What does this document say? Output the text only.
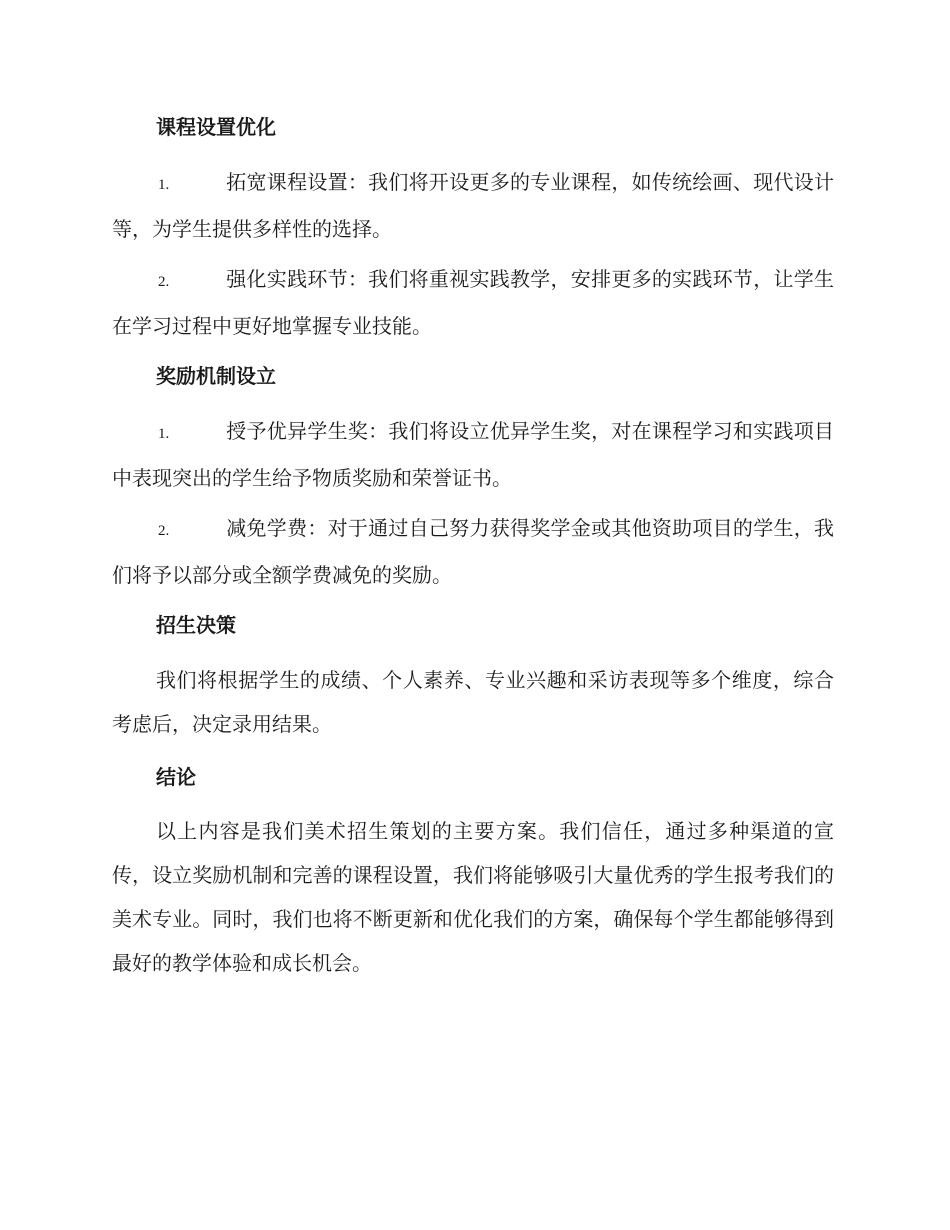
课程设置优化

1.	拓宽课程设置：我们将开设更多的专业课程，如传统绘画、现代设计等，为学生提供多样性的选择。

2.	强化实践环节：我们将重视实践教学，安排更多的实践环节，让学生在学习过程中更好地掌握专业技能。

奖励机制设立

1.	授予优异学生奖：我们将设立优异学生奖，对在课程学习和实践项目中表现突出的学生给予物质奖励和荣誉证书。

2.	减免学费：对于通过自己努力获得奖学金或其他资助项目的学生，我们将予以部分或全额学费减免的奖励。

招生决策

我们将根据学生的成绩、个人素养、专业兴趣和采访表现等多个维度，综合考虑后，决定录用结果。

结论

以上内容是我们美术招生策划的主要方案。我们信任，通过多种渠道的宣传，设立奖励机制和完善的课程设置，我们将能够吸引大量优秀的学生报考我们的美术专业。同时，我们也将不断更新和优化我们的方案，确保每个学生都能够得到最好的教学体验和成长机会。
